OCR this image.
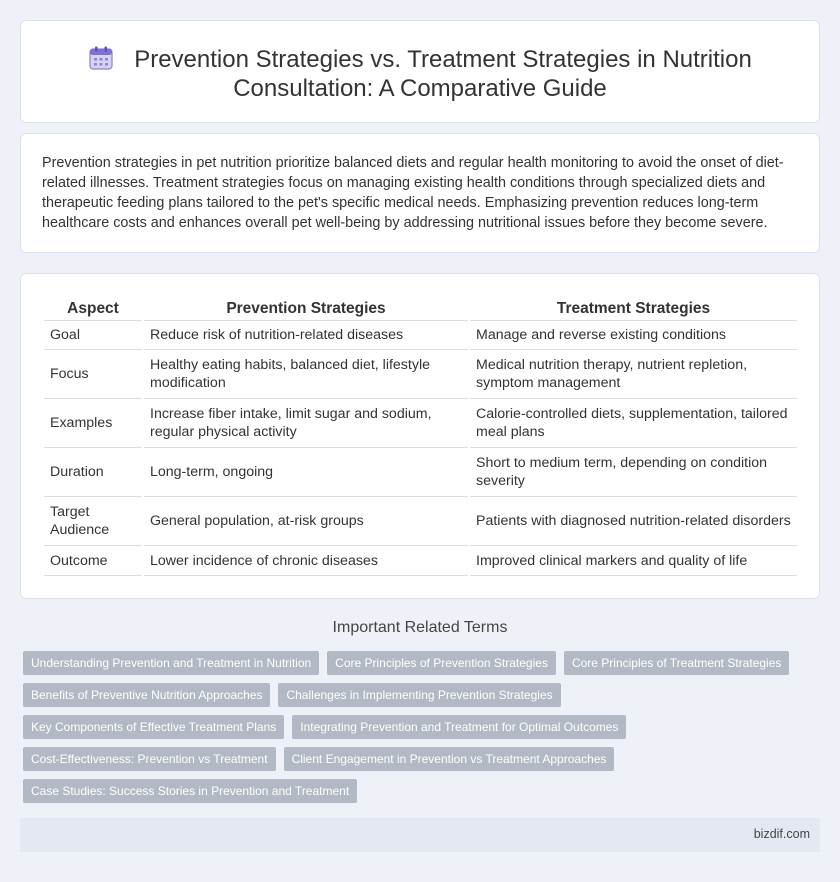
Prevention Strategies vs. Treatment Strategies in Nutrition
Consultation: A Comparative Guide

Prevention strategies in pet nutrition prioritize balanced diets and regular health monitoring to avoid the onset of diet-related illnesses. Treatment strategies focus on managing existing health conditions through specialized diets and therapeutic feeding plans tailored to the pet's specific medical needs. Emphasizing prevention reduces long-term healthcare costs and enhances overall pet well-being by addressing nutritional issues before they become severe.

Aspect	Prevention Strategies	Treatment Strategies
Goal	Reduce risk of nutrition-related diseases	Manage and reverse existing conditions
Focus	Healthy eating habits, balanced diet, lifestyle modification	Medical nutrition therapy, nutrient repletion, symptom management
Examples	Increase fiber intake, limit sugar and sodium, regular physical activity	Calorie-controlled diets, supplementation, tailored meal plans
Duration	Long-term, ongoing	Short to medium term, depending on condition severity
Target Audience	General population, at-risk groups	Patients with diagnosed nutrition-related disorders
Outcome	Lower incidence of chronic diseases	Improved clinical markers and quality of life
Important Related Terms
Understanding Prevention and Treatment in Nutrition	Core Principles of Prevention Strategies	Core Principles of Treatment Strategies
Benefits of Preventive Nutrition Approaches	Challenges in Implementing Prevention Strategies
Key Components of Effective Treatment Plans	Integrating Prevention and Treatment for Optimal Outcomes
Cost-Effectiveness: Prevention vs Treatment	Client Engagement in Prevention vs Treatment Approaches
Case Studies: Success Stories in Prevention and Treatment
bizdif.com
